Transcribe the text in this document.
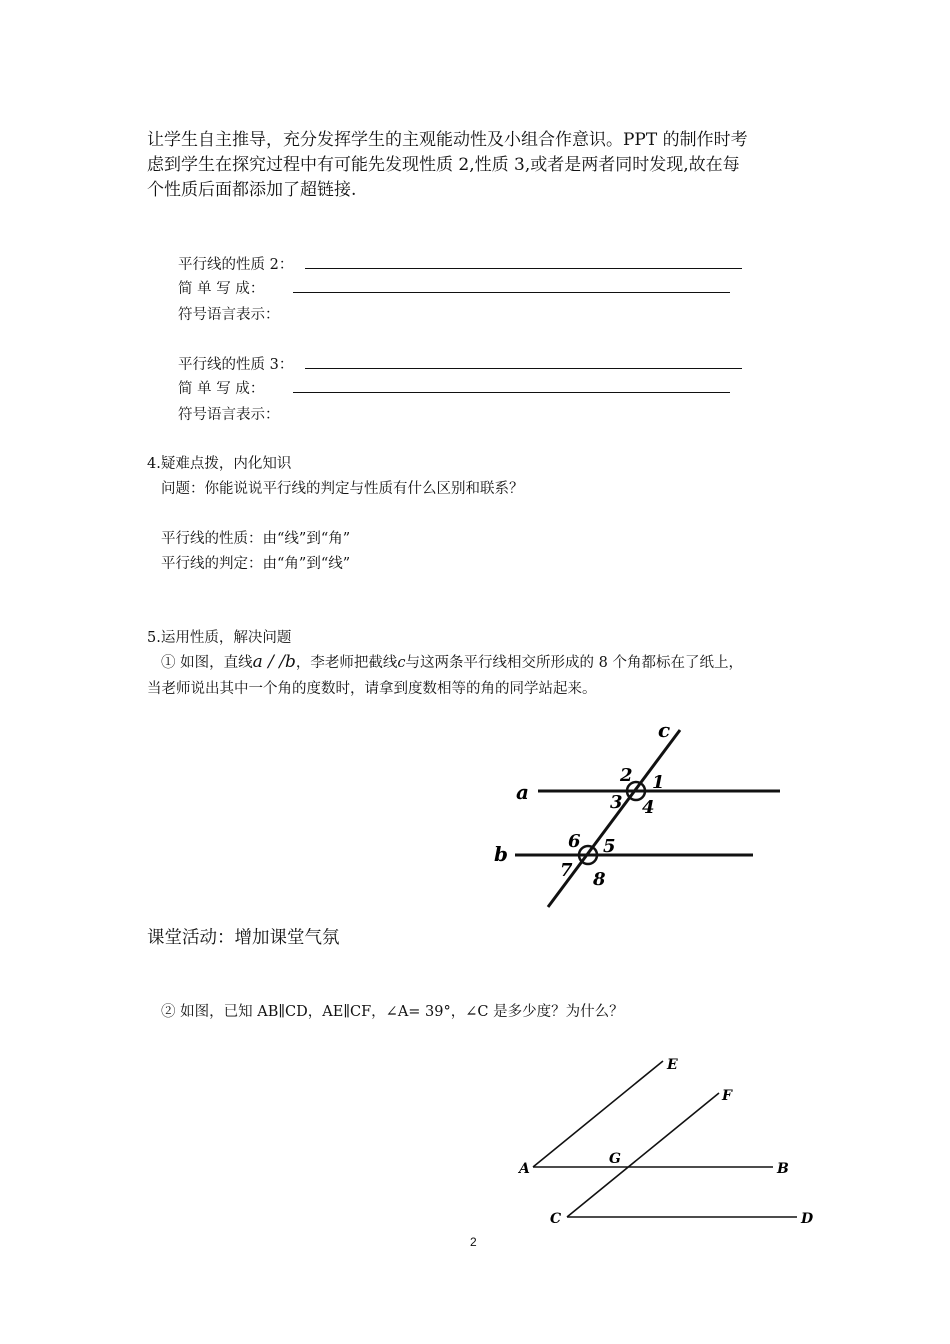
让学生自主推导，充分发挥学生的主观能动性及小组合作意识。PPT 的制作时考
虑到学生在探究过程中有可能先发现性质 2,性质 3,或者是两者同时发现,故在每
个性质后面都添加了超链接.
平行线的性质 2：
简 单 写 成：
符号语言表示：
平行线的性质 3：
简 单 写 成：
符号语言表示：
4.疑难点拨，内化知识
问题：你能说说平行线的判定与性质有什么区别和联系？
平行线的性质：由“线”到“角”
平行线的判定：由“角”到“线”
5.运用性质，解决问题
① 如图，直线a / /b，李老师把截线c与这两条平行线相交所形成的 8 个角都标在了纸上，
当老师说出其中一个角的度数时，请拿到度数相等的角的同学站起来。
a
b
c
1
2
3 4
5
6
7 8
课堂活动：增加课堂气氛
② 如图，已知 AB∥CD，AE∥CF，∠A= 39°，∠C 是多少度？为什么？
A	B
C	D
E
F
G
2
